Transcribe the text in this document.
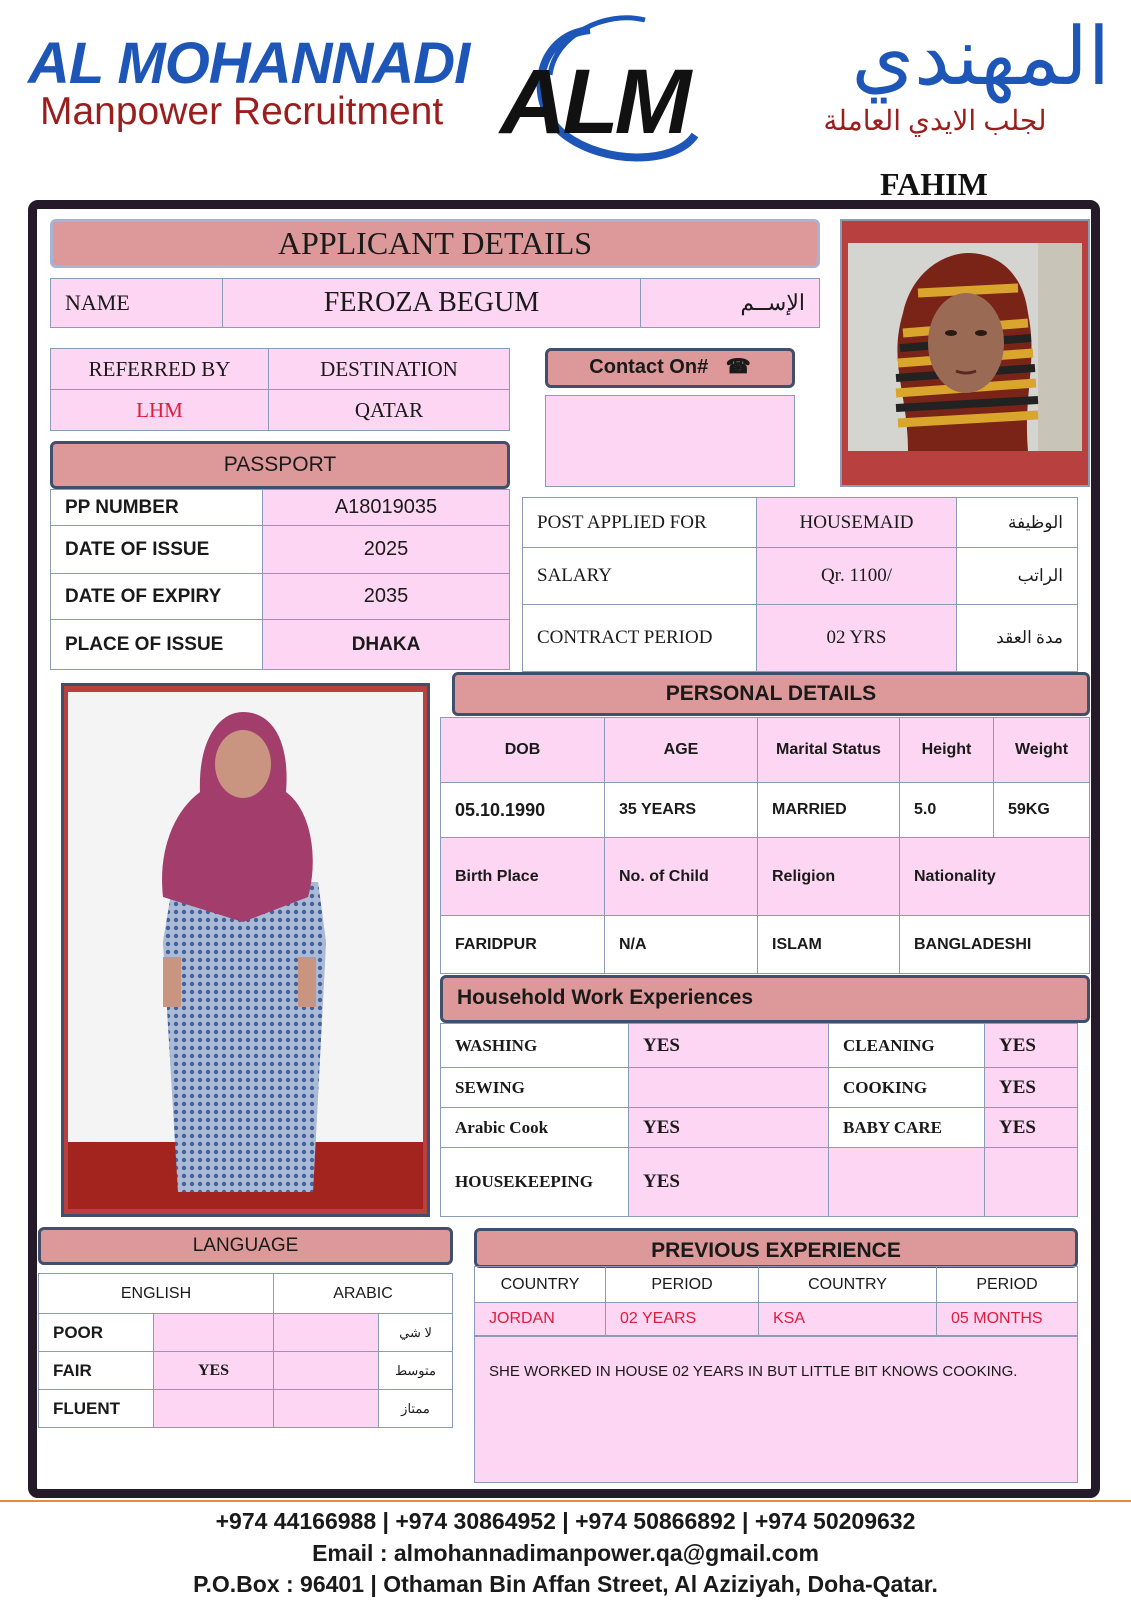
AL MOHANNADI
Manpower Recruitment ALM	المهندي
لجلب الايدي العاملة
FAHIM
APPLICANT DETAILS
NAME	FEROZA BEGUM	الإســم
REFERRED BY	DESTINATION
LHM	QATAR
Contact On# ☎
PASSPORT
PP NUMBER	A18019035
DATE OF ISSUE	2025
DATE OF EXPIRY	2035
PLACE OF ISSUE	DHAKA
POST APPLIED FOR	HOUSEMAID	الوظيفة
SALARY	Qr. 1100/	الراتب
CONTRACT PERIOD	02 YRS	مدة العقد
PERSONAL DETAILS
DOB	AGE	Marital Status	Height	Weight
05.10.1990	35 YEARS	MARRIED	5.0	59KG
Birth Place	No. of Child	Religion	Nationality	
FARIDPUR	N/A	ISLAM	BANGLADESHI	
Household Work Experiences
WASHING	YES	CLEANING	YES
SEWING		COOKING	YES
Arabic Cook	YES	BABY CARE	YES
HOUSEKEEPING	YES		
LANGUAGE
ENGLISH		ARABIC	
POOR			لا شي
FAIR	YES		متوسط
FLUENT			ممتاز
PREVIOUS EXPERIENCE
COUNTRY	PERIOD	COUNTRY	PERIOD
JORDAN	02 YEARS	KSA	05 MONTHS
SHE WORKED IN HOUSE 02 YEARS IN BUT LITTLE BIT KNOWS COOKING.
+974 44166988 | +974 30864952 | +974 50866892 | +974 50209632
Email : almohannadimanpower.qa@gmail.com
P.O.Box : 96401 | Othaman Bin Affan Street, Al Aziziyah, Doha-Qatar.
